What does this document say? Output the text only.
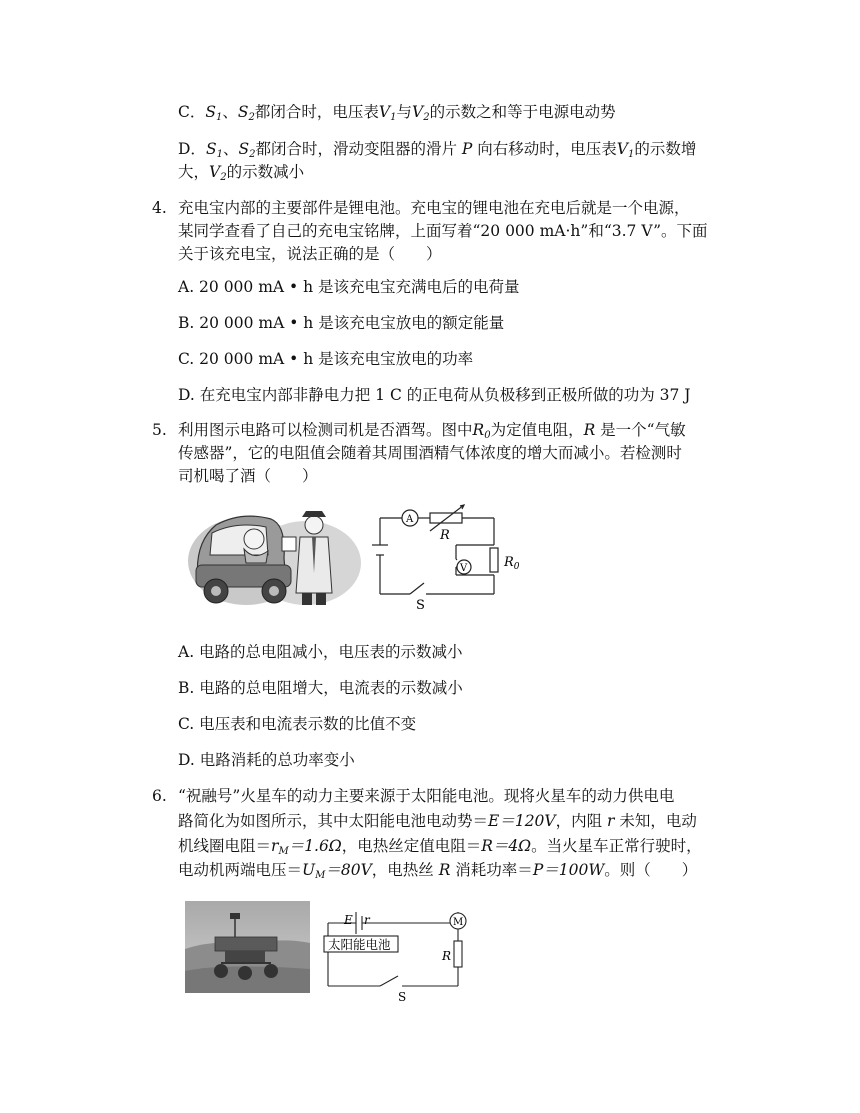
C．$S_1$、$S_2$都闭合时，电压表$V_1$与$V_2$的示数之和等于电源电动势
D．$S_1$、$S_2$都闭合时，滑动变阻器的滑片 P 向右移动时，电压表$V_1$的示数增
大，$V_2$的示数减小
4. 充电宝内部的主要部件是锂电池。充电宝的锂电池在充电后就是一个电源，
某同学查看了自己的充电宝铭牌，上面写着“20 000 mA·h”和“3.7 V”。下面
关于该充电宝，说法正确的是（　　）
A. 20 000 mA • h 是该充电宝充满电后的电荷量
B. 20 000 mA • h 是该充电宝放电的额定能量
C. 20 000 mA • h 是该充电宝放电的功率
D. 在充电宝内部非静电力把 1 C 的正电荷从负极移到正极所做的功为 37 J
5. 利用图示电路可以检测司机是否酒驾。图中$R_0$为定值电阻，R 是一个“气敏
传感器”，它的电阻值会随着其周围酒精气体浓度的增大而减小。若检测时
司机喝了酒（　　）
A
V
R
$R_0$
S
A. 电路的总电阻减小，电压表的示数减小
B. 电路的总电阻增大，电流表的示数减小
C. 电压表和电流表示数的比值不变
D. 电路消耗的总功率变小
6. “祝融号”火星车的动力主要来源于太阳能电池。现将火星车的动力供电电
路简化为如图所示，其中太阳能电池电动势＝E＝120V，内阻 r 未知，电动
机线圈电阻$=r_M=1.6\Omega$，电热丝定值电阻＝R＝4Ω。当火星车正常行驶时，
电动机两端电压$=U_M=80V$，电热丝 R 消耗功率＝P＝100W。则（　　）
E r
太阳能电池
M
R
S
